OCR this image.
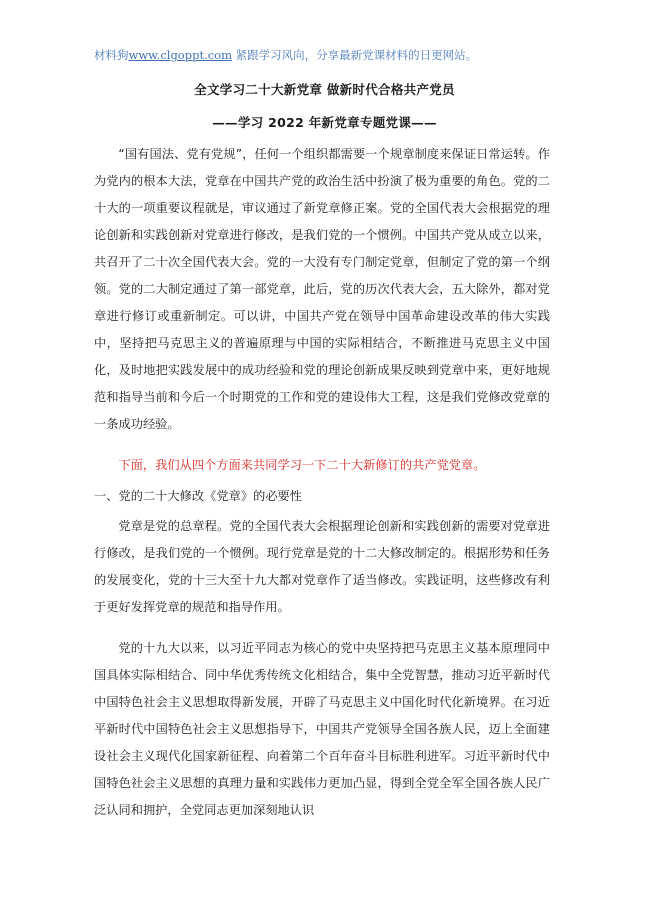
材料狗www.clgoppt.com 紧跟学习风向，分享最新党课材料的日更网站。
全文学习二十大新党章 做新时代合格共产党员
——学习 2022 年新党章专题党课——

“国有国法、党有党规”，任何一个组织都需要一个规章制度来保证日常运转。作为党内的根本大法，党章在中国共产党的政治生活中扮演了极为重要的角色。党的二十大的一项重要议程就是，审议通过了新党章修正案。党的全国代表大会根据党的理论创新和实践创新对党章进行修改，是我们党的一个惯例。中国共产党从成立以来，共召开了二十次全国代表大会。党的一大没有专门制定党章，但制定了党的第一个纲领。党的二大制定通过了第一部党章，此后，党的历次代表大会，五大除外，都对党章进行修订或重新制定。可以讲，中国共产党在领导中国革命建设改革的伟大实践中，坚持把马克思主义的普遍原理与中国的实际相结合，不断推进马克思主义中国化，及时地把实践发展中的成功经验和党的理论创新成果反映到党章中来，更好地规范和指导当前和今后一个时期党的工作和党的建设伟大工程，这是我们党修改党章的一条成功经验。

下面，我们从四个方面来共同学习一下二十大新修订的共产党党章。

一、党的二十大修改《党章》的必要性

党章是党的总章程。党的全国代表大会根据理论创新和实践创新的需要对党章进行修改，是我们党的一个惯例。现行党章是党的十二大修改制定的。根据形势和任务的发展变化，党的十三大至十九大都对党章作了适当修改。实践证明，这些修改有利于更好发挥党章的规范和指导作用。

党的十九大以来，以习近平同志为核心的党中央坚持把马克思主义基本原理同中国具体实际相结合、同中华优秀传统文化相结合，集中全党智慧，推动习近平新时代中国特色社会主义思想取得新发展，开辟了马克思主义中国化时代化新境界。在习近平新时代中国特色社会主义思想指导下，中国共产党领导全国各族人民，迈上全面建设社会主义现代化国家新征程、向着第二个百年奋斗目标胜利进军。习近平新时代中国特色社会主义思想的真理力量和实践伟力更加凸显，得到全党全军全国各族人民广泛认同和拥护，全党同志更加深刻地认识
